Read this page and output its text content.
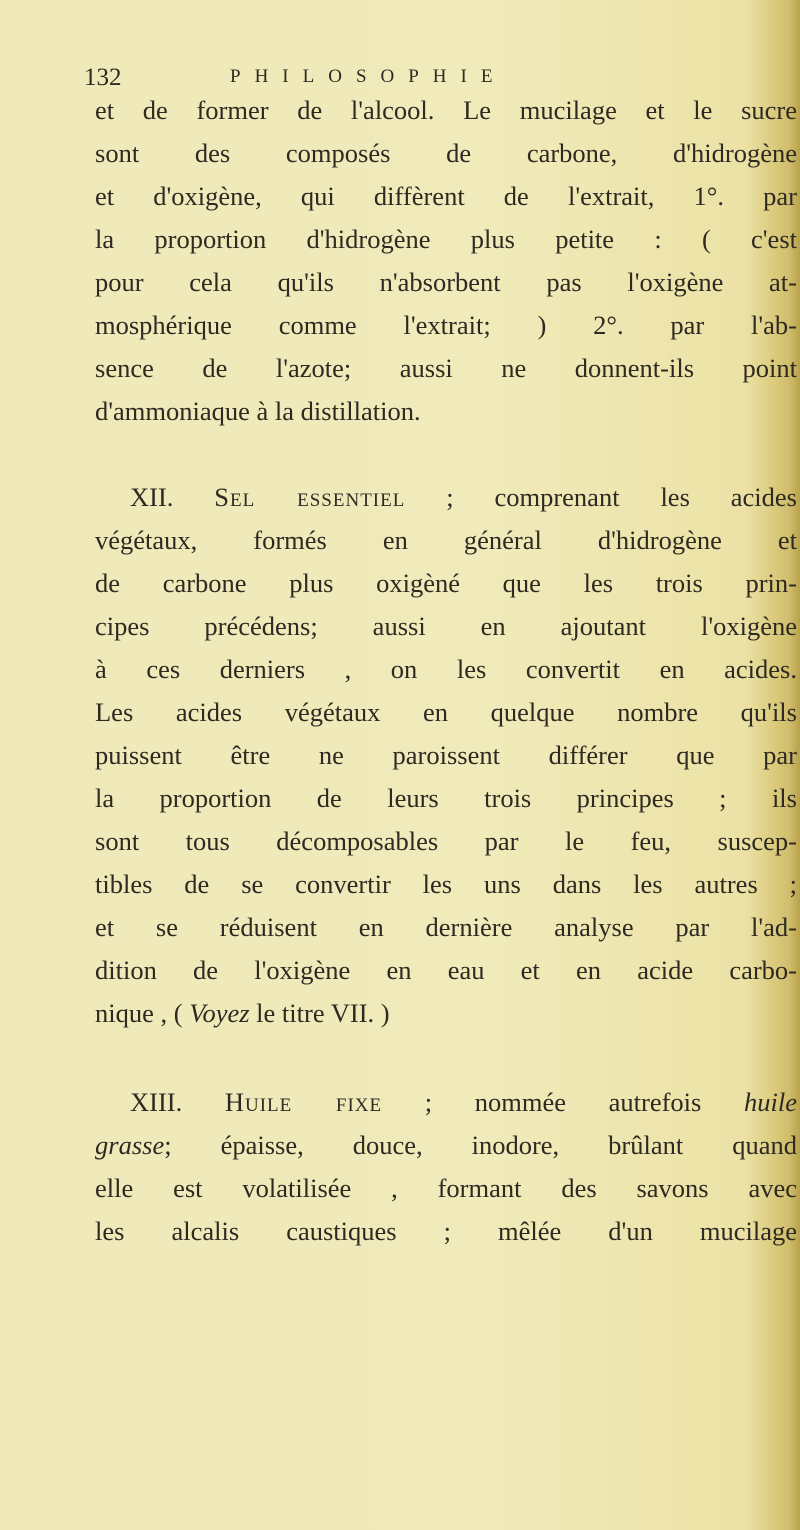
132	PHILOSOPHIE
et de former de l'alcool. Le mucilage et le sucre
sont des composés de carbone, d'hidrogène
et d'oxigène, qui diffèrent de l'extrait, 1°. par
la proportion d'hidrogène plus petite : ( c'est
pour cela qu'ils n'absorbent pas l'oxigène at-
mosphérique comme l'extrait; ) 2°. par l'ab-
sence de l'azote; aussi ne donnent-ils point
d'ammoniaque à la distillation.
XII. Sel essentiel ; comprenant les acides
végétaux, formés en général d'hidrogène et
de carbone plus oxigèné que les trois prin-
cipes précédens; aussi en ajoutant l'oxigène
à ces derniers , on les convertit en acides.
Les acides végétaux en quelque nombre qu'ils
puissent être ne paroissent différer que par
la proportion de leurs trois principes ; ils
sont tous décomposables par le feu, suscep-
tibles de se convertir les uns dans les autres ;
et se réduisent en dernière analyse par l'ad-
dition de l'oxigène en eau et en acide carbo-
nique , ( Voyez le titre VII. )
XIII. Huile fixe ; nommée autrefois huile
grasse; épaisse, douce, inodore, brûlant quand
elle est volatilisée , formant des savons avec
les alcalis caustiques ; mêlée d'un mucilage
